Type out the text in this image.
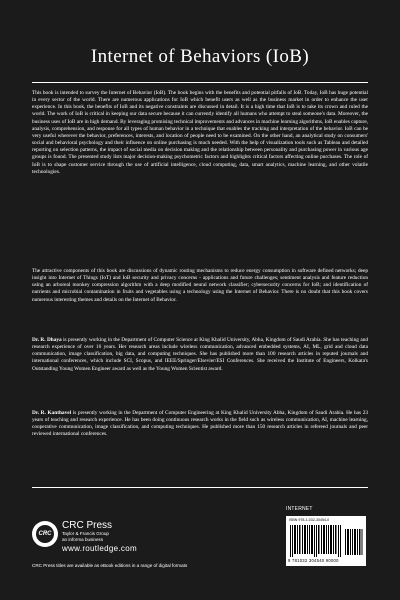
Internet of Behaviors (IoB)
This book is intended to survey the Internet of Behavior (IoB). The book begins with the benefits and potential pitfalls of IoB. Today, IoB has huge potential in every sector of the world. There are numerous applications for IoB which benefit users as well as the business market in order to enhance the user experience. In this book, the benefits of IoB and its negative constraints are discussed in detail. It is a high time that IoB is to take its crown and ruled the world. The work of IoB is critical in keeping our data secure because it can currently identify all humans who attempt to steal someone's data. Moreover, the business uses of IoB are in high demand. By leveraging promising technical improvements and advances in machine learning algorithms, IoB enables capture, analysis, comprehension, and response for all types of human behavior in a technique that enables the tracking and interpretation of the behavior. IoB can be very useful wherever the behavior, preferences, interests, and location of people need to be examined. On the other hand, an analytical study on consumers' social and behavioral psychology and their influence on online purchasing is much needed. With the help of visualization tools such as Tableau and detailed reporting on selection patterns, the impact of social media on decision making and the relationship between personality and purchasing power in various age groups is found. The presented study lists major decision-making psychometric factors and highlights critical factors affecting online purchases. The role of IoB is to shape customer service through the use of artificial intelligence, cloud computing, data, smart analytics, machine learning, and other volatile technologies.
The attractive components of this book are discussions of dynamic routing mechanisms to reduce energy consumption in software defined networks; deep insight into Internet of Things (IoT) and IoB security and privacy concerns - applications and future challenges; sentiment analysis and feature reduction using an arboreal monkey compression algorithm with a deep modified neural network classifier; cybersecurity concerns for IoB; and identification of nutrients and microbial contamination in fruits and vegetables using a technology using the Internet of Behavior. There is no doubt that this book covers numerous interesting themes and details on the Internet of Behavior.
Dr. R. Dhaya is presently working in the Department of Computer Science at King Khalid University, Abha, Kingdom of Saudi Arabia. She has teaching and research experience of over 16 years. Her research areas include wireless communication, advanced embedded systems, AI, ML, grid and cloud data communication, image classification, big data, and computing techniques. She has published more than 100 research articles in reputed journals and international conferences, which include SCI, Scopus, and IEEE/Springer/Elsevier/ESI Conferences. She received the Institute of Engineers, Kolkata's Outstanding Young Women Engineer award as well as the Young Women Scientist award.
Dr. R. Kanthavel is presently working in the Department of Computer Engineering at King Khalid University Abha, Kingdom of Saudi Arabia. He has 23 years of teaching and research experience. He has been doing continuous research works in the field such as wireless communication, AI, machine learning, cooperative communication, image classification, and computing techniques. He published more than 150 research articles in refereed journals and peer reviewed international conferences.
CRC
CRC Press
Taylor & Francis Group
an informa business
www.routledge.com
CRC Press titles are available as eBook editions in a range of digital formats
INTERNET
ISBN 978-1-032-30454-0
9 781032 304540 90000
